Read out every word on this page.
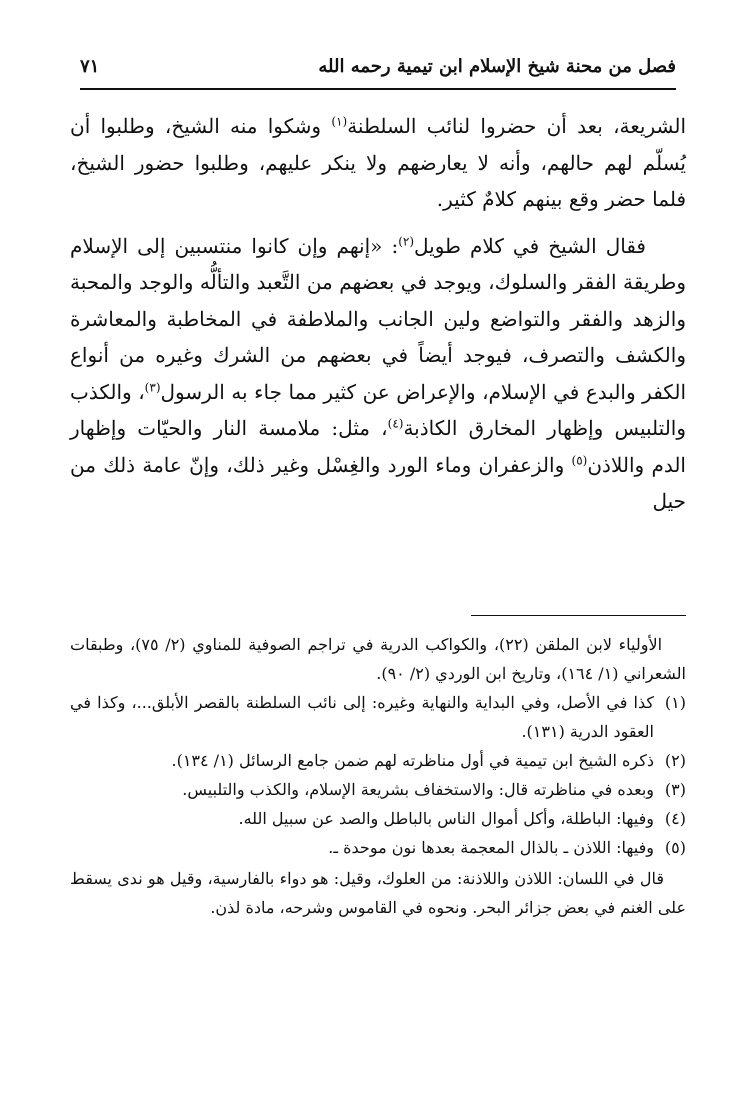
فصل من محنة شيخ الإسلام ابن تيمية رحمه الله
٧١

الشريعة، بعد أن حضروا لنائب السلطنة$^{(١)}$ وشكوا منه الشيخ، وطلبوا أن يُسلّم لهم حالهم، وأنه لا يعارضهم ولا ينكر عليهم، وطلبوا حضور الشيخ، فلما حضر وقع بينهم كلامٌ كثير.

فقال الشيخ في كلام طويل$^{(٢)}$: «إنهم وإن كانوا منتسبين إلى الإسلام وطريقة الفقر والسلوك، ويوجد في بعضهم من التَّعبد والتألُّه والوجد والمحبة والزهد والفقر والتواضع ولين الجانب والملاطفة في المخاطبة والمعاشرة والكشف والتصرف، فيوجد أيضاً في بعضهم من الشرك وغيره من أنواع الكفر والبدع في الإسلام، والإعراض عن كثير مما جاء به الرسول$^{(٣)}$، والكذب والتلبيس وإظهار المخارق الكاذبة$^{(٤)}$، مثل: ملامسة النار والحيّات وإظهار الدم واللاذن$^{(٥)}$ والزعفران وماء الورد والغِسْل وغير ذلك، وإنّ عامة ذلك من حيل

الأولياء لابن الملقن (٢٢)، والكواكب الدرية في تراجم الصوفية للمناوي (٢/ ٧٥)، وطبقات الشعراني (١/ ١٦٤)، وتاريخ ابن الوردي (٢/ ٩٠).

(١)
كذا في الأصل، وفي البداية والنهاية وغيره: إلى نائب السلطنة بالقصر الأبلق...، وكذا في العقود الدرية (١٣١).
(٢)
ذكره الشيخ ابن تيمية في أول مناظرته لهم ضمن جامع الرسائل (١/ ١٣٤).
(٣)
وبعده في مناظرته قال: والاستخفاف بشريعة الإسلام، والكذب والتلبيس.
(٤)
وفيها: الباطلة، وأكل أموال الناس بالباطل والصد عن سبيل الله.
(٥)
وفيها: اللاذن ـ بالذال المعجمة بعدها نون موحدة ـ.

قال في اللسان: اللاذن واللاذنة: من العلوك، وقيل: هو دواء بالفارسية، وقيل هو ندى يسقط على الغنم في بعض جزائر البحر. ونحوه في القاموس وشرحه، مادة لذن.
